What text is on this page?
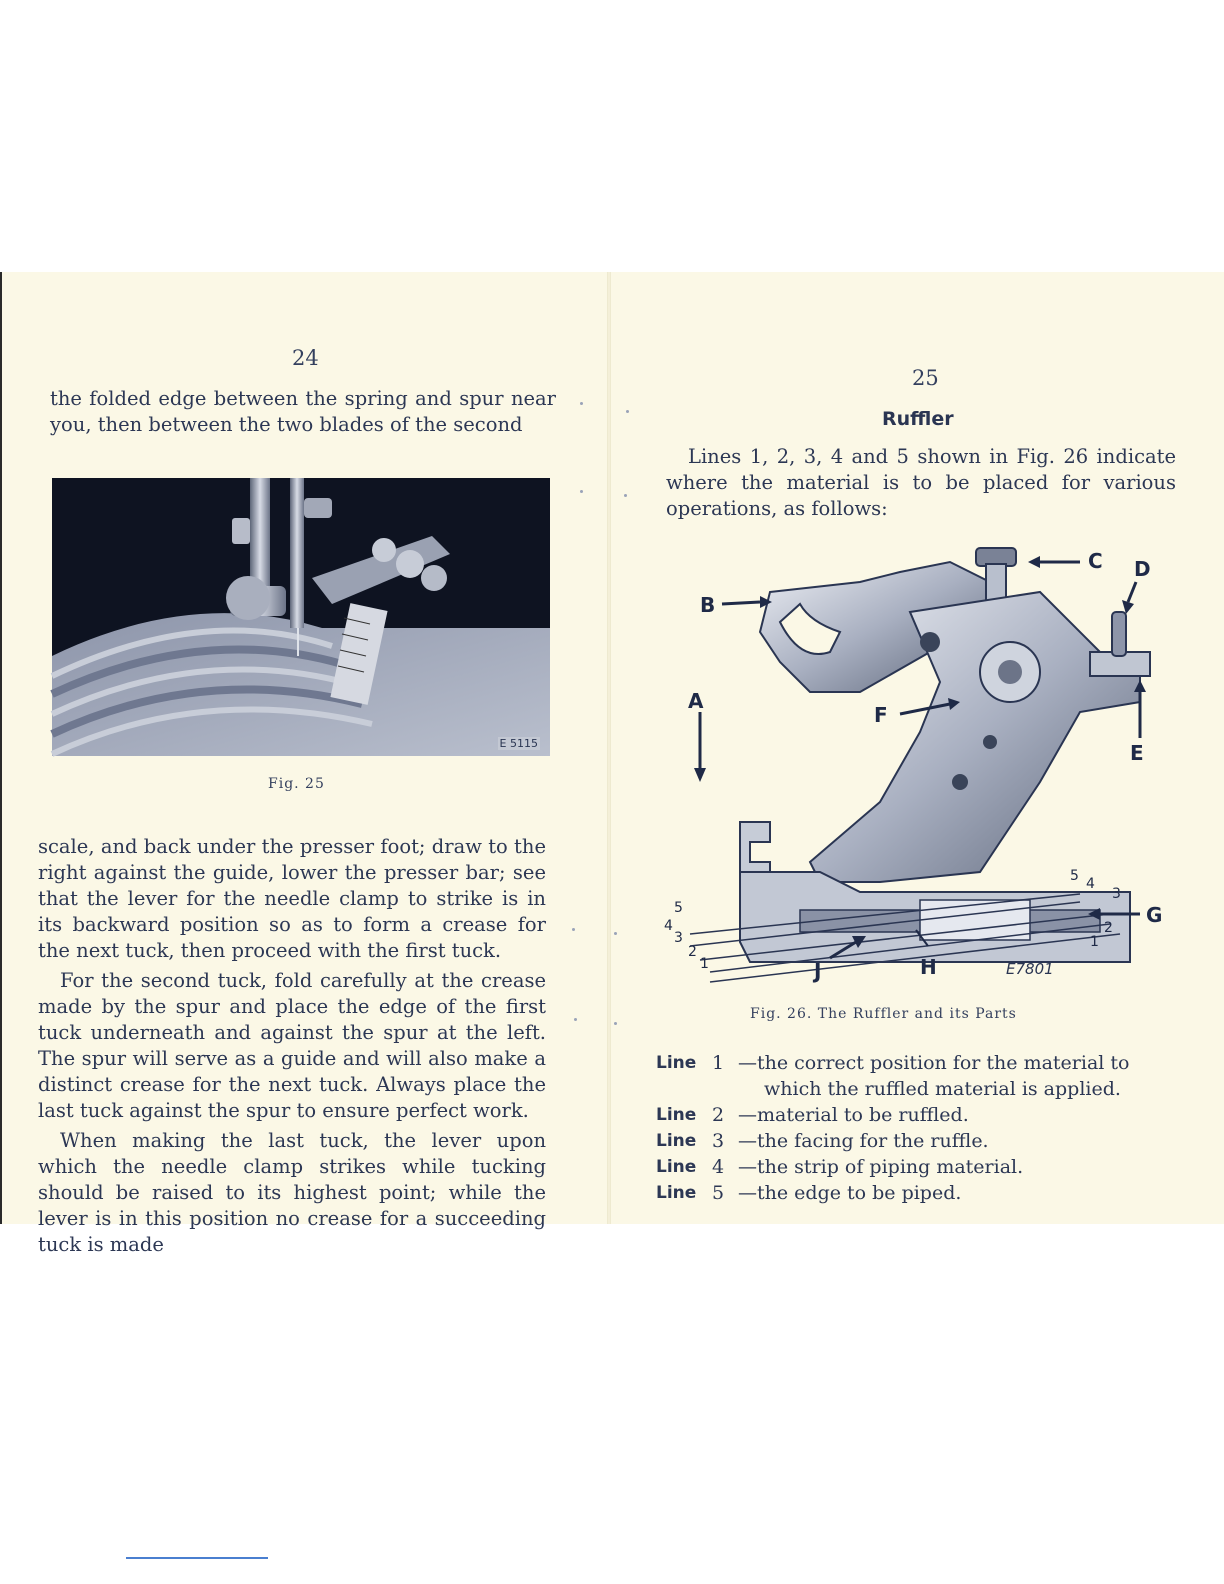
24

the folded edge between the spring and spur near you, then between the two blades of the second

E 5115
Fig. 25

scale, and back under the presser foot; draw to the right against the guide, lower the presser bar; see that the lever for the needle clamp to strike is in its backward position so as to form a crease for the next tuck, then proceed with the first tuck.

For the second tuck, fold carefully at the crease made by the spur and place the edge of the first tuck underneath and against the spur at the left. The spur will serve as a guide and will also make a distinct crease for the next tuck. Always place the last tuck against the spur to ensure perfect work.

When making the last tuck, the lever upon which the needle clamp strikes while tucking should be raised to its highest point; while the lever is in this position no crease for a succeeding tuck is made

25
Ruffler

Lines 1, 2, 3, 4 and 5 shown in Fig. 26 indicate where the material is to be placed for various operations, as follows:

B
C D
E
A
F
G
H
J	E7801
5
4
3
2
1
5 4
3
2
1
Fig. 26. The Ruffler and its Parts
Line 1 —the correct position for the material to which the ruffled material is applied.
Line 2 —material to be ruffled.
Line 3 —the facing for the ruffle.
Line 4 —the strip of piping material.
Line 5 —the edge to be piped.
